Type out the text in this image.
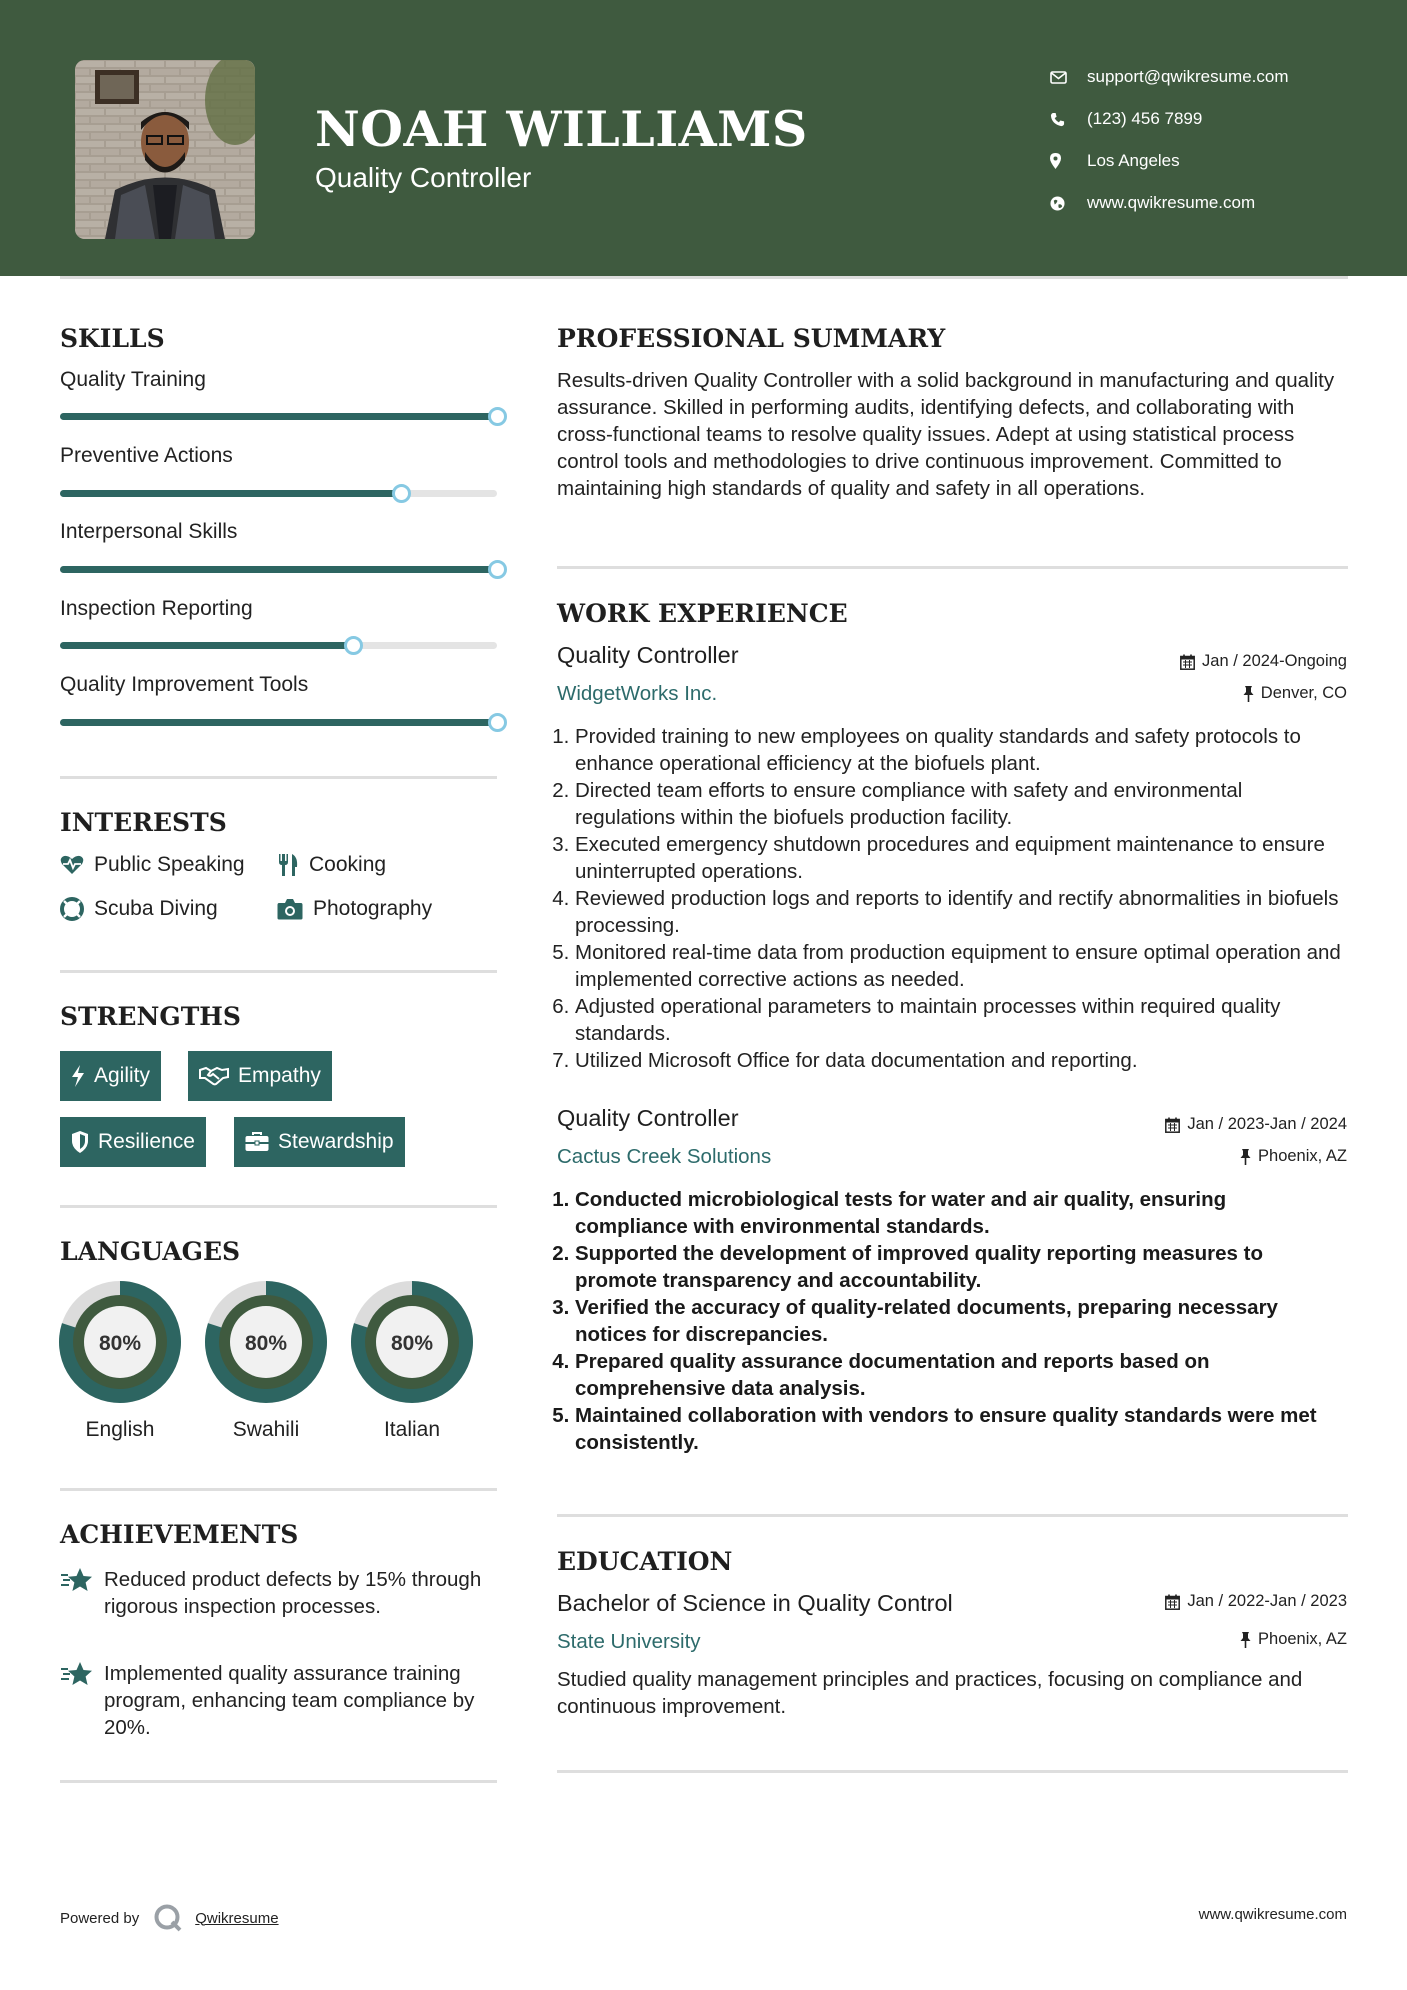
NOAH WILLIAMS
Quality Controller
support@qwikresume.com
(123) 456 7899
Los Angeles
www.qwikresume.com
SKILLS
Quality Training
Preventive Actions
Interpersonal Skills
Inspection Reporting
Quality Improvement Tools
INTERESTS
Public Speaking	Cooking
Scuba Diving	Photography
STRENGTHS
Agility	Empathy
Resilience	Stewardship
LANGUAGES
80%	80%	80%
English	Swahili	Italian
ACHIEVEMENTS
Reduced product defects by 15% through rigorous inspection processes.
Implemented quality assurance training program, enhancing team compliance by 20%.
PROFESSIONAL SUMMARY
Results-driven Quality Controller with a solid background in manufacturing and quality assurance. Skilled in performing audits, identifying defects, and collaborating with cross-functional teams to resolve quality issues. Adept at using statistical process control tools and methodologies to drive continuous improvement. Committed to maintaining high standards of quality and safety in all operations.
WORK EXPERIENCE
Quality Controller
WidgetWorks Inc.
Jan / 2024-Ongoing
Denver, CO
1. Provided training to new employees on quality standards and safety protocols to enhance operational efficiency at the biofuels plant.
2. Directed team efforts to ensure compliance with safety and environmental regulations within the biofuels production facility.
3. Executed emergency shutdown procedures and equipment maintenance to ensure uninterrupted operations.
4. Reviewed production logs and reports to identify and rectify abnormalities in biofuels processing.
5. Monitored real-time data from production equipment to ensure optimal operation and implemented corrective actions as needed.
6. Adjusted operational parameters to maintain processes within required quality standards.
7. Utilized Microsoft Office for data documentation and reporting.
Quality Controller
Cactus Creek Solutions
Jan / 2023-Jan / 2024
Phoenix, AZ
1. Conducted microbiological tests for water and air quality, ensuring compliance with environmental standards.
2. Supported the development of improved quality reporting measures to promote transparency and accountability.
3. Verified the accuracy of quality-related documents, preparing necessary notices for discrepancies.
4. Prepared quality assurance documentation and reports based on comprehensive data analysis.
5. Maintained collaboration with vendors to ensure quality standards were met consistently.
EDUCATION
Bachelor of Science in Quality Control
State University
Jan / 2022-Jan / 2023
Phoenix, AZ
Studied quality management principles and practices, focusing on compliance and continuous improvement.
Powered by	Qwikresume	www.qwikresume.com
